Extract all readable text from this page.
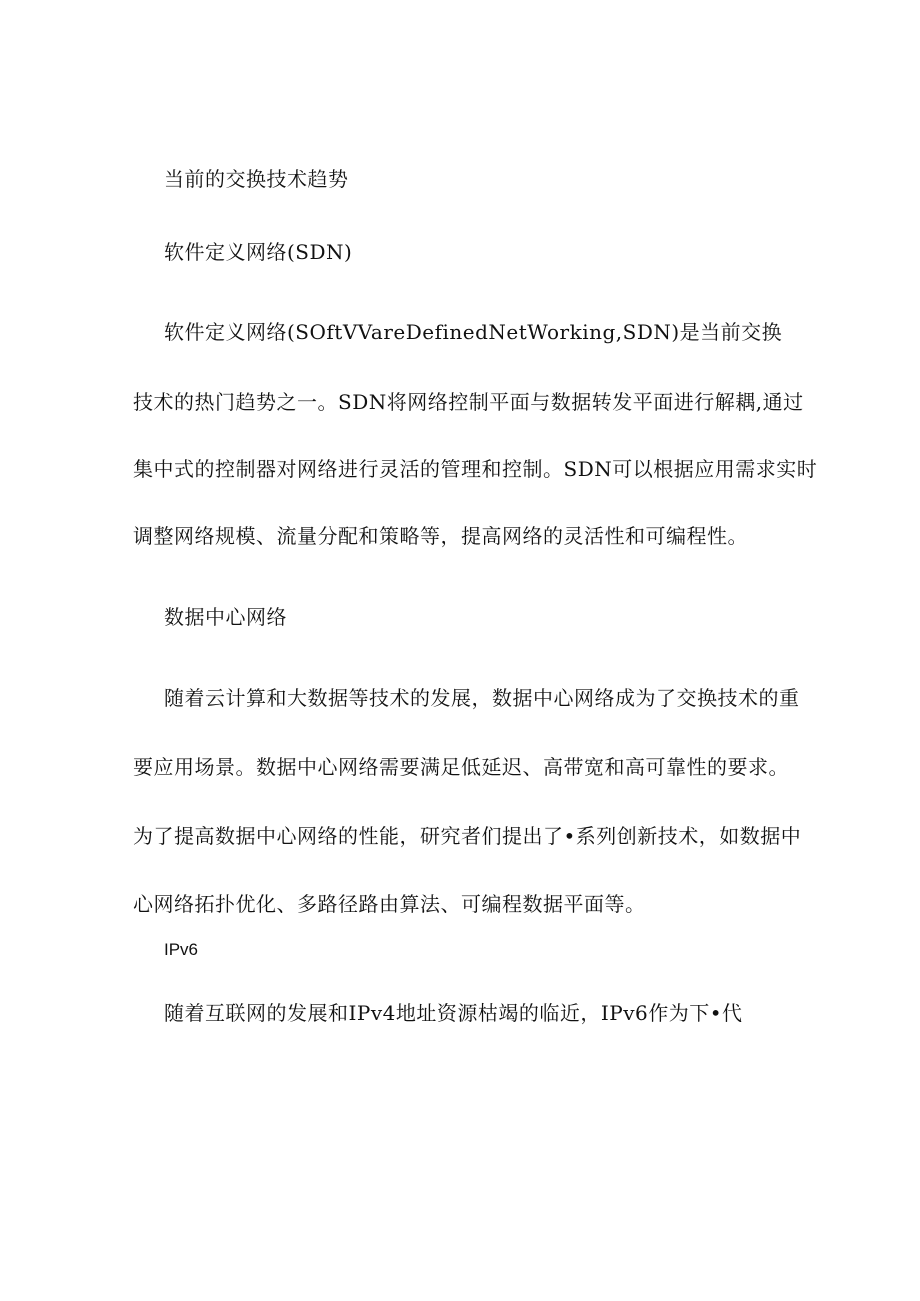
当前的交换技术趋势
软件定义网络(SDN)
软件定义网络(SOftVVareDefinedNetWorking,SDN)是当前交换
技术的热门趋势之一。SDN将网络控制平面与数据转发平面进行解耦,通过
集中式的控制器对网络进行灵活的管理和控制。SDN可以根据应用需求实时
调整网络规模、流量分配和策略等，提高网络的灵活性和可编程性。
数据中心网络
随着云计算和大数据等技术的发展，数据中心网络成为了交换技术的重
要应用场景。数据中心网络需要满足低延迟、高带宽和高可靠性的要求。
为了提高数据中心网络的性能，研究者们提出了•系列创新技术，如数据中
心网络拓扑优化、多路径路由算法、可编程数据平面等。
IPv6
随着互联网的发展和IPv4地址资源枯竭的临近，IPv6作为下•代
